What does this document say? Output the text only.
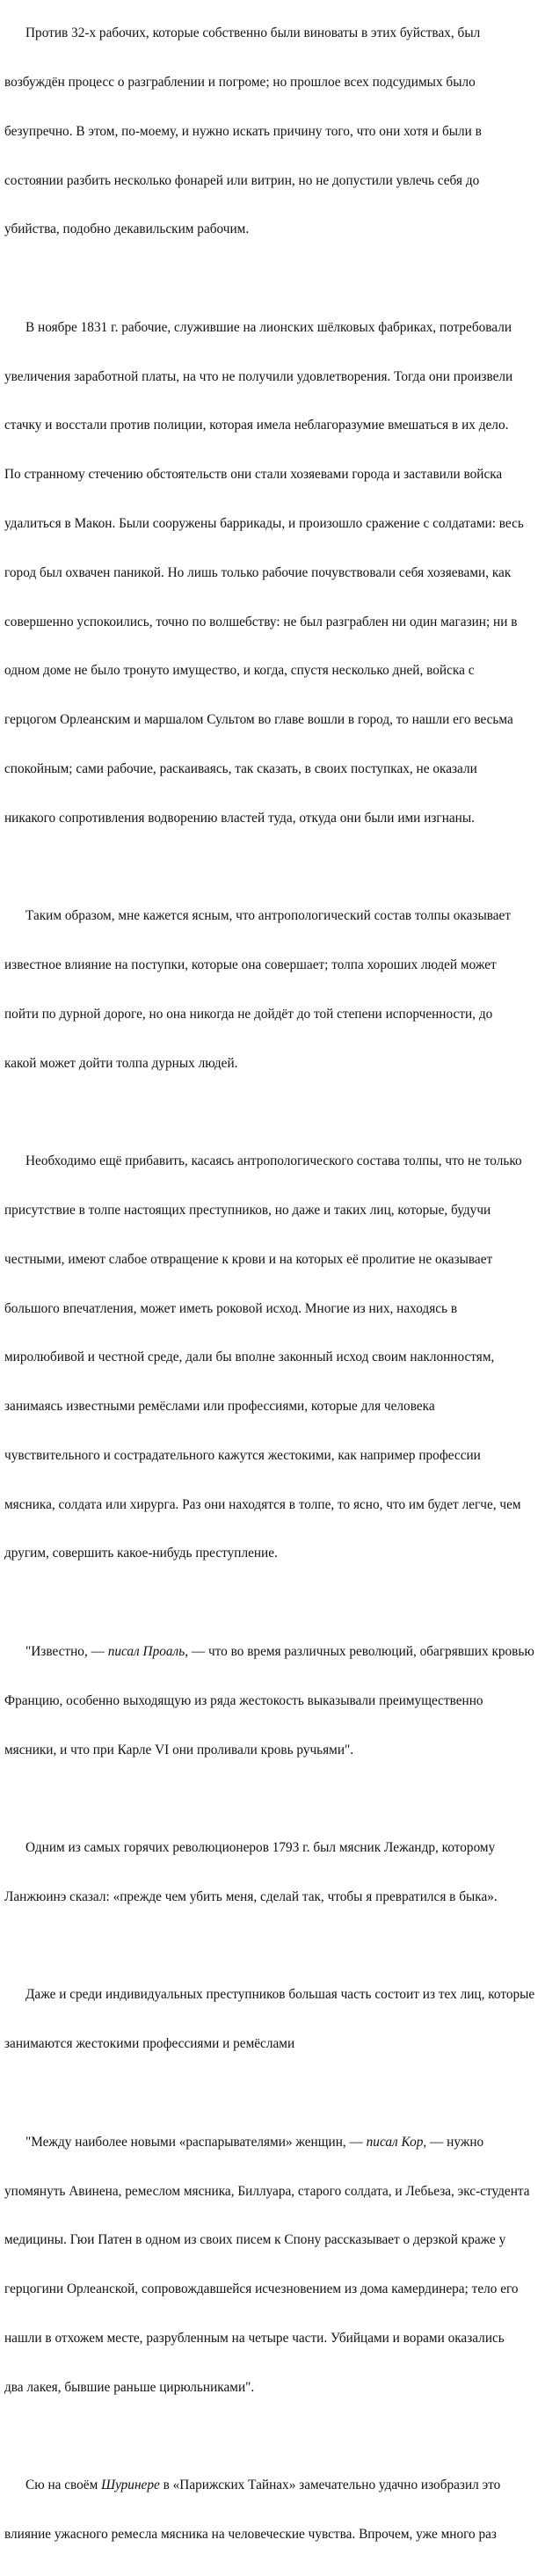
Против 32-х рабочих, которые собственно были виноваты в этих буйствах, был

возбуждён процесс о разграблении и погроме; но прошлое всех подсудимых было

безупречно. В этом, по-моему, и нужно искать причину того, что они хотя и были в

состоянии разбить несколько фонарей или витрин, но не допустили увлечь себя до

убийства, подобно декавильским рабочим.

В ноябре 1831 г. рабочие, служившие на лионских шёлковых фабриках, потребовали

увеличения заработной платы, на что не получили удовлетворения. Тогда они произвели

стачку и восстали против полиции, которая имела неблагоразумие вмешаться в их дело.

По странному стечению обстоятельств они стали хозяевами города и заставили войска

удалиться в Макон. Были сооружены баррикады, и произошло сражение с солдатами: весь

город был охвачен паникой. Но лишь только рабочие почувствовали себя хозяевами, как

совершенно успокоились, точно по волшебству: не был разграблен ни один магазин; ни в

одном доме не было тронуто имущество, и когда, спустя несколько дней, войска с

герцогом Орлеанским и маршалом Сультом во главе вошли в город, то нашли его весьма

спокойным; сами рабочие, раскаиваясь, так сказать, в своих поступках, не оказали

никакого сопротивления водворению властей туда, откуда они были ими изгнаны.

Таким образом, мне кажется ясным, что антропологический состав толпы оказывает

известное влияние на поступки, которые она совершает; толпа хороших людей может

пойти по дурной дороге, но она никогда не дойдёт до той степени испорченности, до

какой может дойти толпа дурных людей.

Необходимо ещё прибавить, касаясь антропологического состава толпы, что не только

присутствие в толпе настоящих преступников, но даже и таких лиц, которые, будучи

честными, имеют слабое отвращение к крови и на которых её пролитие не оказывает

большого впечатления, может иметь роковой исход. Многие из них, находясь в

миролюбивой и честной среде, дали бы вполне законный исход своим наклонностям,

занимаясь известными ремёслами или профессиями, которые для человека

чувствительного и сострадательного кажутся жестокими, как например профессии

мясника, солдата или хирурга. Раз они находятся в толпе, то ясно, что им будет легче, чем

другим, совершить какое-нибудь преступление.

"Известно, — писал Проаль, — что во время различных революций, обагрявших кровью

Францию, особенно выходящую из ряда жестокость выказывали преимущественно

мясники, и что при Карле VI они проливали кровь ручьями".

Одним из самых горячих революционеров 1793 г. был мясник Лежандр, которому

Ланжюинэ сказал: «прежде чем убить меня, сделай так, чтобы я превратился в быка».

Даже и среди индивидуальных преступников большая часть состоит из тех лиц, которые

занимаются жестокими профессиями и ремёслами

"Между наиболее новыми «распарывателями» женщин, — писал Кор, — нужно

упомянуть Авинена, ремеслом мясника, Биллуара, старого солдата, и Лебьеза, экс-студента

медицины. Гюи Патен в одном из своих писем к Спону рассказывает о дерзкой краже у

герцогини Орлеанской, сопровождавшейся исчезновением из дома камердинера; тело его

нашли в отхожем месте, разрубленным на четыре части. Убийцами и ворами оказались

два лакея, бывшие раньше цирюльниками".

Сю на своём Шуринере в «Парижских Тайнах» замечательно удачно изобразил это

влияние ужасного ремесла мясника на человеческие чувства. Впрочем, уже много раз
